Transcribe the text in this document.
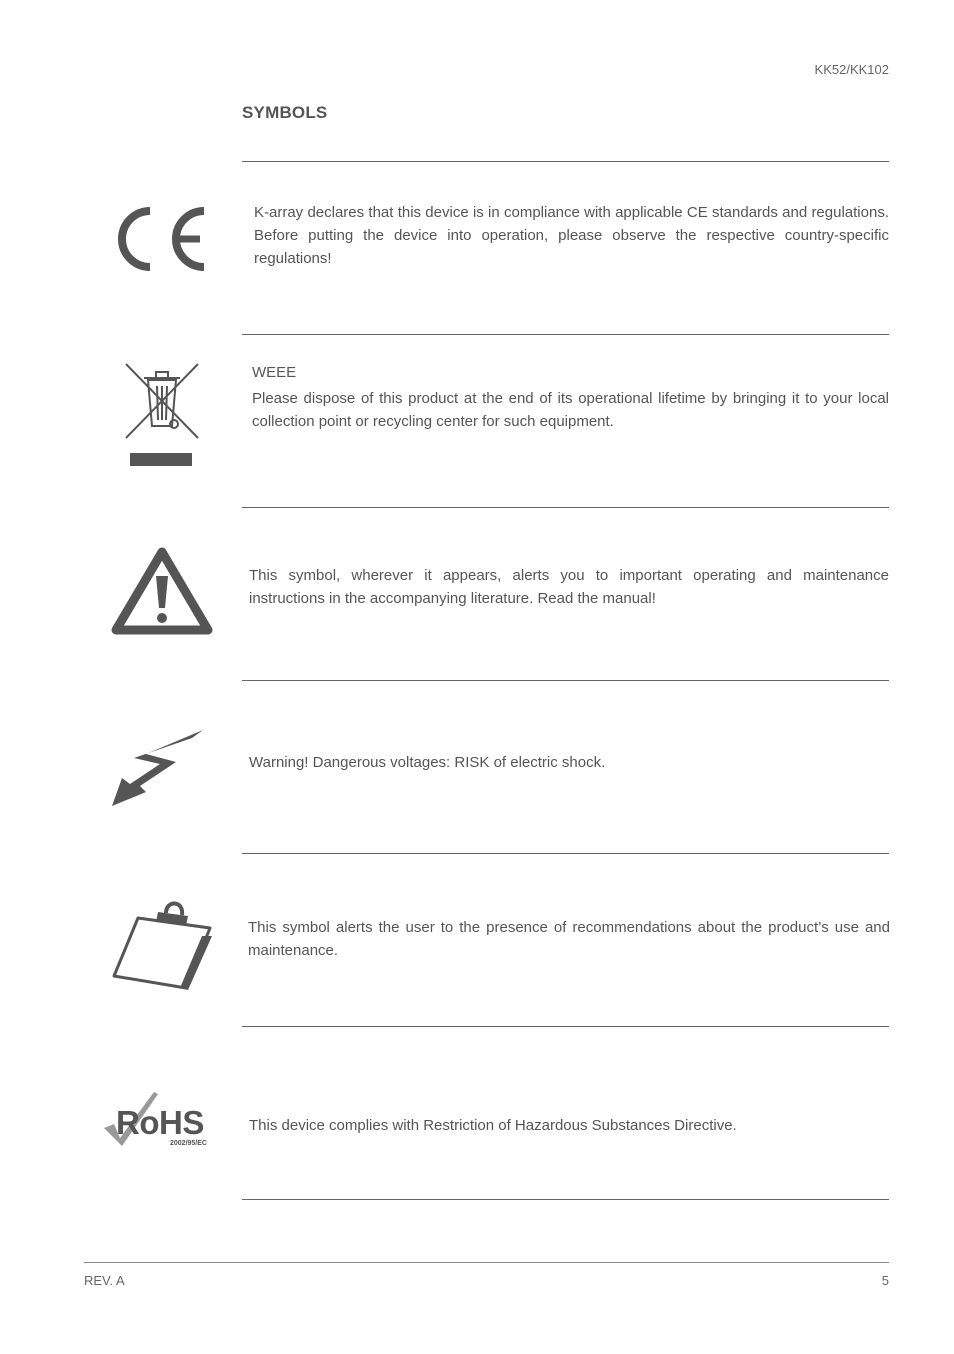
KK52/KK102
SYMBOLS
K-array declares that this device is in compliance with applicable CE standards and regulations. Before putting the device into operation, please observe the respective country-specific regulations!
WEEE
Please dispose of this product at the end of its operational lifetime by bringing it to your local collection point or recycling center for such equipment.
This symbol, wherever it appears, alerts you to important operating and maintenance instructions in the accompanying literature. Read the manual!
Warning! Dangerous voltages: RISK of electric shock.
This symbol alerts the user to the presence of recommendations about the product’s use and maintenance.
RoHS
2002/95/EC
This device complies with Restriction of Hazardous Substances Directive.
REV. A	5
